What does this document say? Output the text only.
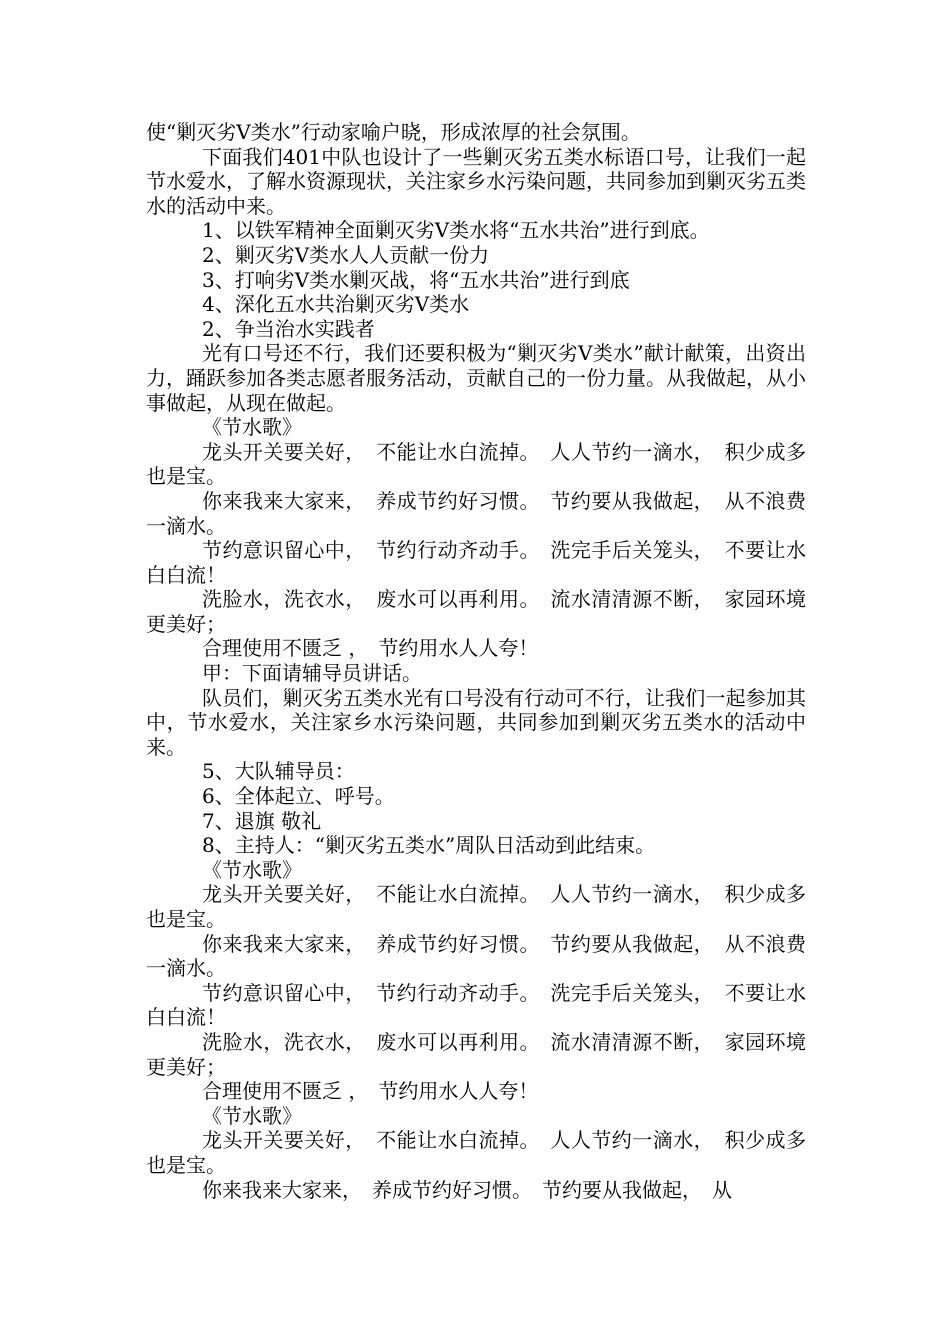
使“剿灭劣Ⅴ类水”行动家喻户晓，形成浓厚的社会氛围。

下面我们401中队也设计了一些剿灭劣五类水标语口号，让我们一起节水爱水，了解水资源现状，关注家乡水污染问题，共同参加到剿灭劣五类水的活动中来。

1、以铁军精神全面剿灭劣Ⅴ类水将“五水共治”进行到底。

2、剿灭劣Ⅴ类水人人贡献一份力

3、打响劣Ⅴ类水剿灭战，将“五水共治”进行到底

4、深化五水共治剿灭劣Ⅴ类水

2、争当治水实践者

光有口号还不行，我们还要积极为“剿灭劣Ⅴ类水”献计献策，出资出力，踊跃参加各类志愿者服务活动，贡献自己的一份力量。从我做起，从小事做起，从现在做起。

《节水歌》

龙头开关要关好，　不能让水白流掉。　人人节约一滴水，　积少成多也是宝。

你来我来大家来，　养成节约好习惯。　节约要从我做起，　从不浪费一滴水。

节约意识留心中，　节约行动齐动手。　洗完手后关笼头，　不要让水白白流！

洗脸水，洗衣水，　废水可以再利用。　流水清清源不断，　家园环境更美好；

合理使用不匮乏 ，　节约用水人人夸！

甲：下面请辅导员讲话。

队员们，剿灭劣五类水光有口号没有行动可不行，让我们一起参加其中，节水爱水，关注家乡水污染问题，共同参加到剿灭劣五类水的活动中来。

5、大队辅导员：

6、全体起立、呼号。

7、退旗 敬礼

8、主持人：“剿灭劣五类水”周队日活动到此结束。

《节水歌》

龙头开关要关好，　不能让水白流掉。　人人节约一滴水，　积少成多也是宝。

你来我来大家来，　养成节约好习惯。　节约要从我做起，　从不浪费一滴水。

节约意识留心中，　节约行动齐动手。　洗完手后关笼头，　不要让水白白流！

洗脸水，洗衣水，　废水可以再利用。　流水清清源不断，　家园环境更美好；

合理使用不匮乏 ，　节约用水人人夸！

《节水歌》

龙头开关要关好，　不能让水白流掉。　人人节约一滴水，　积少成多也是宝。

你来我来大家来，　养成节约好习惯。　节约要从我做起，　从
